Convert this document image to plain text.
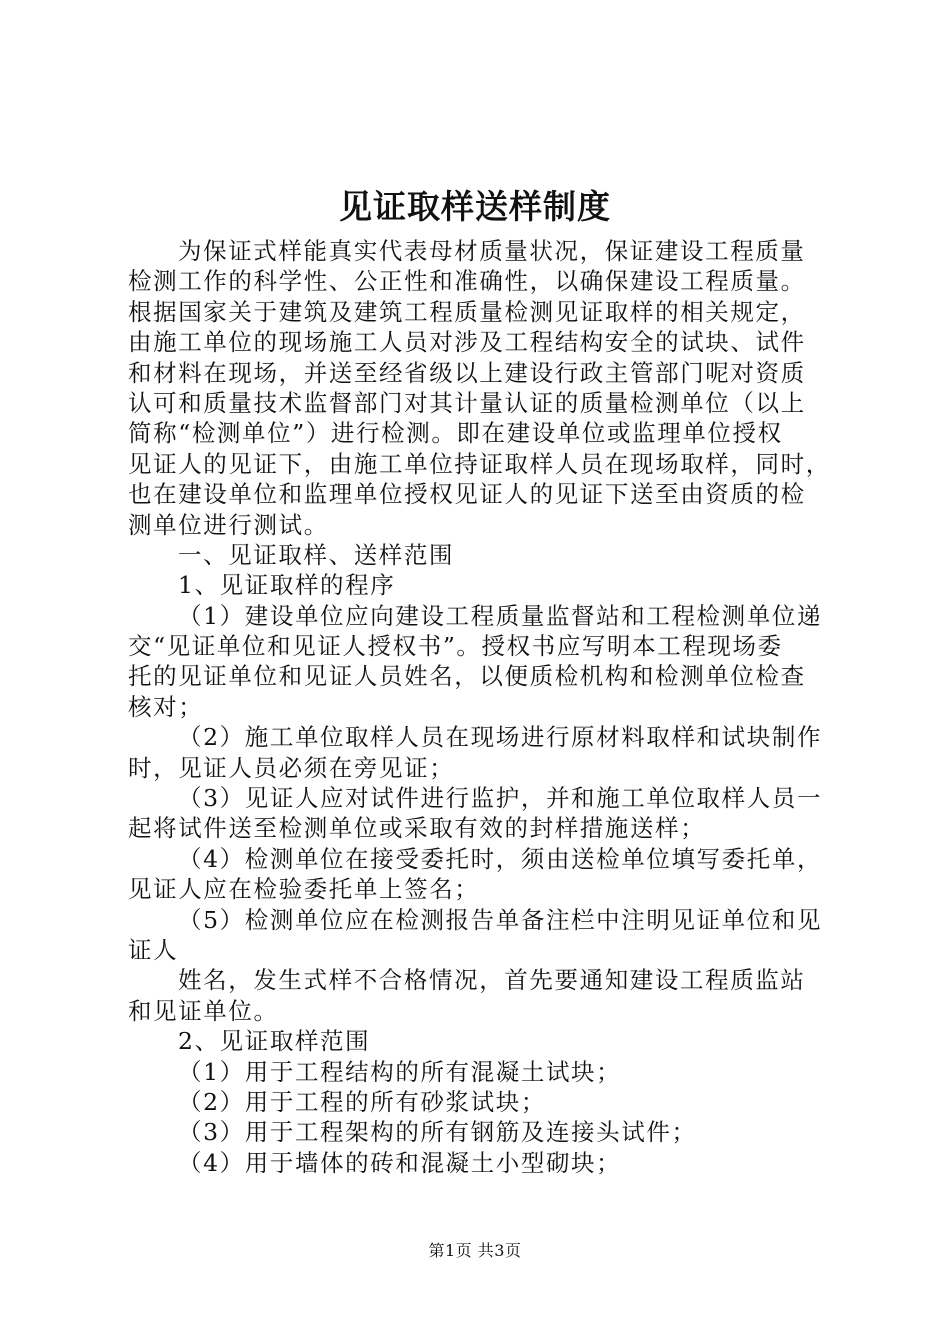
见证取样送样制度
为保证式样能真实代表母材质量状况，保证建设工程质量
检测工作的科学性、公正性和准确性，以确保建设工程质量。
根据国家关于建筑及建筑工程质量检测见证取样的相关规定，
由施工单位的现场施工人员对涉及工程结构安全的试块、试件
和材料在现场，并送至经省级以上建设行政主管部门呢对资质
认可和质量技术监督部门对其计量认证的质量检测单位（以上
简称“检测单位”）进行检测。即在建设单位或监理单位授权
见证人的见证下，由施工单位持证取样人员在现场取样，同时，
也在建设单位和监理单位授权见证人的见证下送至由资质的检
测单位进行测试。
一、见证取样、送样范围
1、见证取样的程序
（1）建设单位应向建设工程质量监督站和工程检测单位递
交“见证单位和见证人授权书”。授权书应写明本工程现场委
托的见证单位和见证人员姓名，以便质检机构和检测单位检查
核对；
（2）施工单位取样人员在现场进行原材料取样和试块制作
时，见证人员必须在旁见证；
（3）见证人应对试件进行监护，并和施工单位取样人员一
起将试件送至检测单位或采取有效的封样措施送样；
（4）检测单位在接受委托时，须由送检单位填写委托单，
见证人应在检验委托单上签名；
（5）检测单位应在检测报告单备注栏中注明见证单位和见
证人
姓名，发生式样不合格情况，首先要通知建设工程质监站
和见证单位。
2、见证取样范围
（1）用于工程结构的所有混凝土试块；
（2）用于工程的所有砂浆试块；
（3）用于工程架构的所有钢筋及连接头试件；
（4）用于墙体的砖和混凝土小型砌块；
第1页 共3页
